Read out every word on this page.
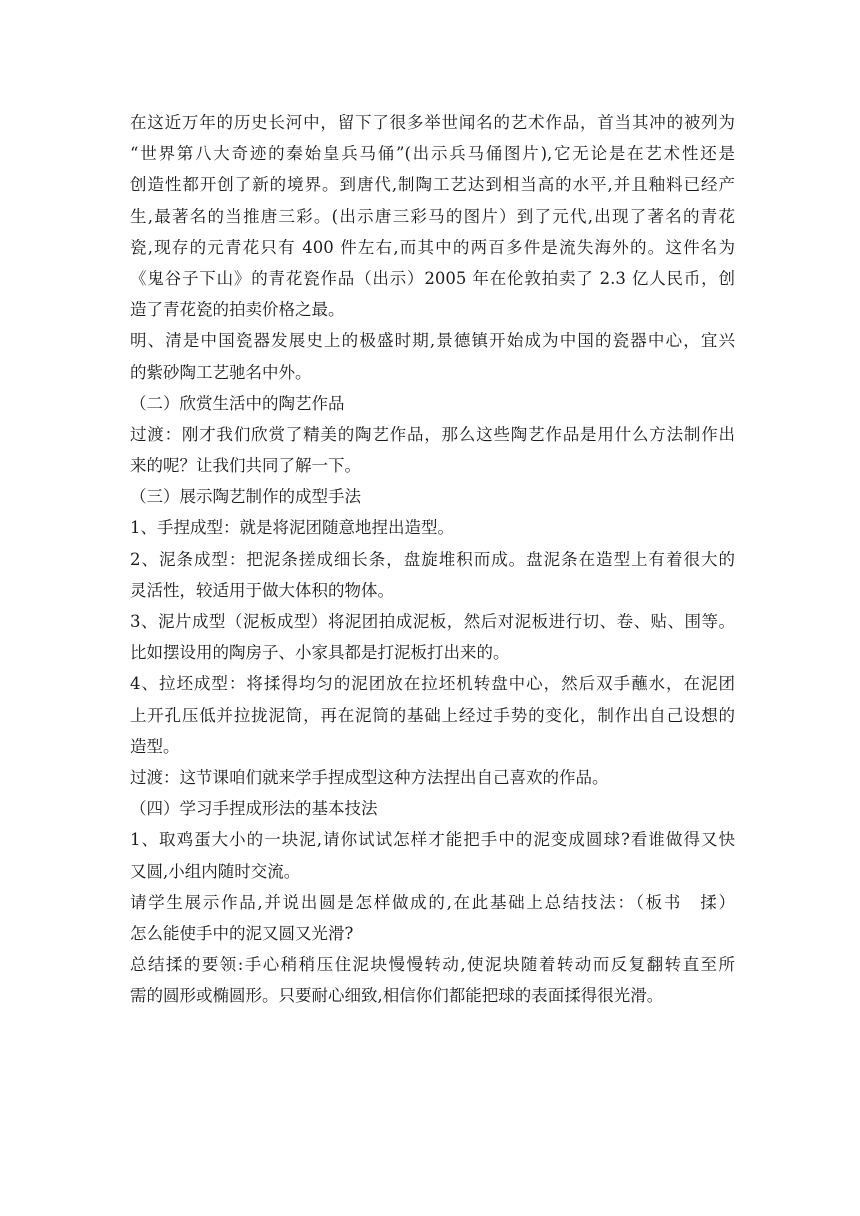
在这近万年的历史长河中，留下了很多举世闻名的艺术作品，首当其冲的被列为
“世界第八大奇迹的秦始皇兵马俑”(出示兵马俑图片),它无论是在艺术性还是
创造性都开创了新的境界。到唐代,制陶工艺达到相当高的水平,并且釉料已经产
生,最著名的当推唐三彩。(出示唐三彩马的图片）到了元代,出现了著名的青花
瓷,现存的元青花只有 400 件左右,而其中的两百多件是流失海外的。这件名为
《鬼谷子下山》的青花瓷作品（出示）2005 年在伦敦拍卖了 2.3 亿人民币，创
造了青花瓷的拍卖价格之最。
明、清是中国瓷器发展史上的极盛时期,景德镇开始成为中国的瓷器中心，宜兴
的紫砂陶工艺驰名中外。
（二）欣赏生活中的陶艺作品
过渡：刚才我们欣赏了精美的陶艺作品，那么这些陶艺作品是用什么方法制作出
来的呢？让我们共同了解一下。
（三）展示陶艺制作的成型手法
1、手捏成型：就是将泥团随意地捏出造型。
2、泥条成型：把泥条搓成细长条，盘旋堆积而成。盘泥条在造型上有着很大的
灵活性，较适用于做大体积的物体。
3、泥片成型（泥板成型）将泥团拍成泥板，然后对泥板进行切、卷、贴、围等。
比如摆设用的陶房子、小家具都是打泥板打出来的。
4、拉坯成型：将揉得均匀的泥团放在拉坯机转盘中心，然后双手蘸水，在泥团
上开孔压低并拉拢泥筒，再在泥筒的基础上经过手势的变化，制作出自己设想的
造型。
过渡：这节课咱们就来学手捏成型这种方法捏出自己喜欢的作品。
（四）学习手捏成形法的基本技法
1、取鸡蛋大小的一块泥,请你试试怎样才能把手中的泥变成圆球?看谁做得又快
又圆,小组内随时交流。
请学生展示作品,并说出圆是怎样做成的,在此基础上总结技法：（板书　揉）
怎么能使手中的泥又圆又光滑?
总结揉的要领:手心稍稍压住泥块慢慢转动,使泥块随着转动而反复翻转直至所
需的圆形或椭圆形。只要耐心细致,相信你们都能把球的表面揉得很光滑。
